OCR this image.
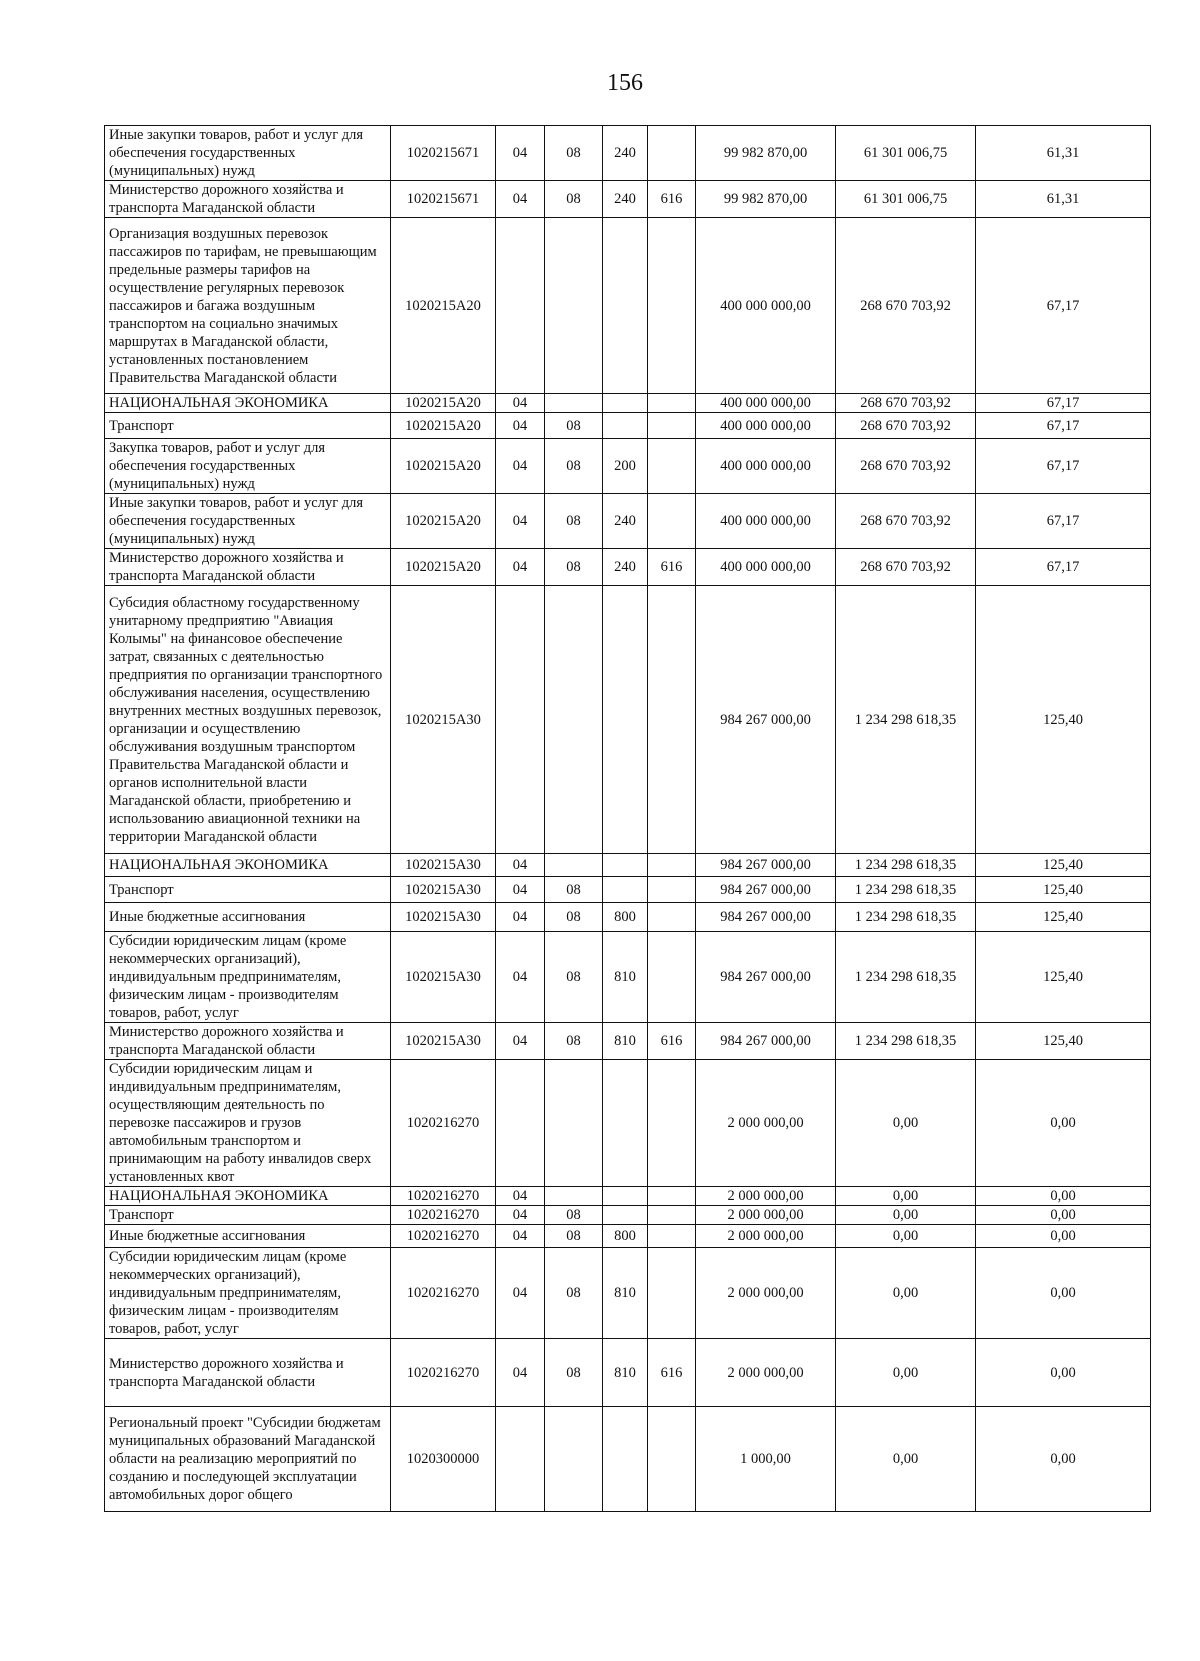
156
Иные закупки товаров, работ и услуг для обеспечения государственных (муниципальных) нужд	1020215671	04	08	240		99 982 870,00	61 301 006,75	61,31
Министерство дорожного хозяйства и транспорта Магаданской области	1020215671	04	08	240	616	99 982 870,00	61 301 006,75	61,31
Организация воздушных перевозок пассажиров по тарифам, не превышающим предельные размеры тарифов на осуществление регулярных перевозок пассажиров и багажа воздушным транспортом на социально значимых маршрутах в Магаданской области, установленных постановлением Правительства Магаданской области	1020215А20					400 000 000,00	268 670 703,92	67,17
НАЦИОНАЛЬНАЯ ЭКОНОМИКА	1020215А20	04				400 000 000,00	268 670 703,92	67,17
Транспорт	1020215А20	04	08			400 000 000,00	268 670 703,92	67,17
Закупка товаров, работ и услуг для обеспечения государственных (муниципальных) нужд	1020215А20	04	08	200		400 000 000,00	268 670 703,92	67,17
Иные закупки товаров, работ и услуг для обеспечения государственных (муниципальных) нужд	1020215А20	04	08	240		400 000 000,00	268 670 703,92	67,17
Министерство дорожного хозяйства и транспорта Магаданской области	1020215А20	04	08	240	616	400 000 000,00	268 670 703,92	67,17
Субсидия областному государственному унитарному предприятию "Авиация Колымы" на финансовое обеспечение затрат, связанных с деятельностью предприятия по организации транспортного обслуживания населения, осуществлению внутренних местных воздушных перевозок, организации и осуществлению обслуживания воздушным транспортом Правительства Магаданской области и органов исполнительной власти Магаданской области, приобретению и использованию авиационной техники на территории Магаданской области	1020215А30					984 267 000,00	1 234 298 618,35	125,40
НАЦИОНАЛЬНАЯ ЭКОНОМИКА	1020215А30	04				984 267 000,00	1 234 298 618,35	125,40
Транспорт	1020215А30	04	08			984 267 000,00	1 234 298 618,35	125,40
Иные бюджетные ассигнования	1020215А30	04	08	800		984 267 000,00	1 234 298 618,35	125,40
Субсидии юридическим лицам (кроме некоммерческих организаций), индивидуальным предпринимателям, физическим лицам - производителям товаров, работ, услуг	1020215А30	04	08	810		984 267 000,00	1 234 298 618,35	125,40
Министерство дорожного хозяйства и транспорта Магаданской области	1020215А30	04	08	810	616	984 267 000,00	1 234 298 618,35	125,40
Субсидии юридическим лицам и индивидуальным предпринимателям, осуществляющим деятельность по перевозке пассажиров и грузов автомобильным транспортом и принимающим на работу инвалидов сверх установленных квот	1020216270					2 000 000,00	0,00	0,00
НАЦИОНАЛЬНАЯ ЭКОНОМИКА	1020216270	04				2 000 000,00	0,00	0,00
Транспорт	1020216270	04	08			2 000 000,00	0,00	0,00
Иные бюджетные ассигнования	1020216270	04	08	800		2 000 000,00	0,00	0,00
Субсидии юридическим лицам (кроме некоммерческих организаций), индивидуальным предпринимателям, физическим лицам - производителям товаров, работ, услуг	1020216270	04	08	810		2 000 000,00	0,00	0,00
Министерство дорожного хозяйства и транспорта Магаданской области	1020216270	04	08	810	616	2 000 000,00	0,00	0,00
Региональный проект "Субсидии бюджетам муниципальных образований Магаданской области на реализацию мероприятий по созданию и последующей эксплуатации автомобильных дорог общего	1020300000					1 000,00	0,00	0,00
